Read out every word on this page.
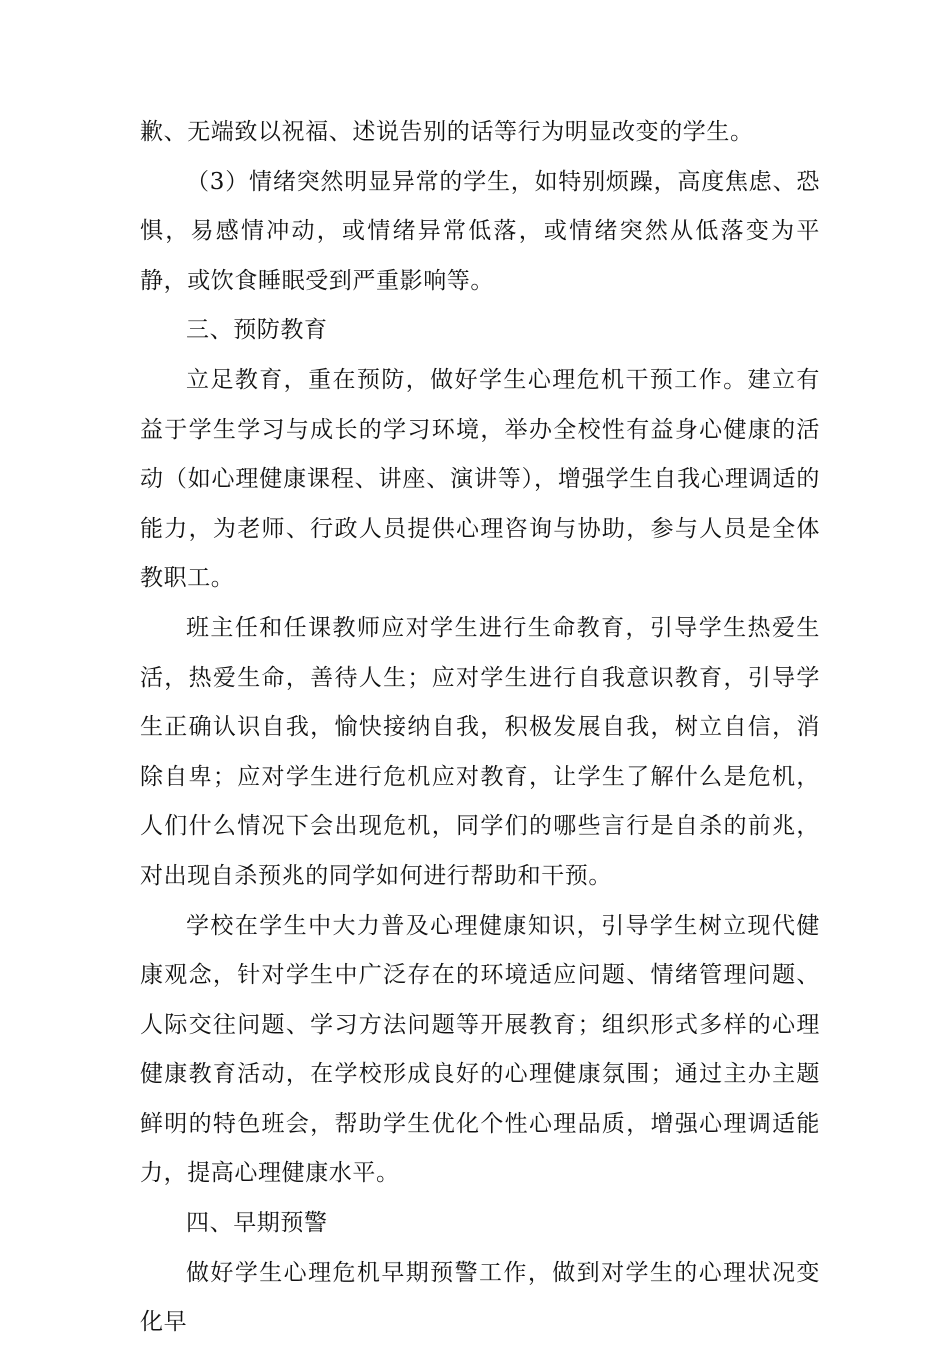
歉、无端致以祝福、述说告别的话等行为明显改变的学生。

（3）情绪突然明显异常的学生，如特别烦躁，高度焦虑、恐惧，易感情冲动，或情绪异常低落，或情绪突然从低落变为平静，或饮食睡眠受到严重影响等。

三、预防教育

立足教育，重在预防，做好学生心理危机干预工作。建立有益于学生学习与成长的学习环境，举办全校性有益身心健康的活动（如心理健康课程、讲座、演讲等），增强学生自我心理调适的能力，为老师、行政人员提供心理咨询与协助，参与人员是全体教职工。

班主任和任课教师应对学生进行生命教育，引导学生热爱生活，热爱生命，善待人生；应对学生进行自我意识教育，引导学生正确认识自我，愉快接纳自我，积极发展自我，树立自信，消除自卑；应对学生进行危机应对教育，让学生了解什么是危机，人们什么情况下会出现危机，同学们的哪些言行是自杀的前兆，对出现自杀预兆的同学如何进行帮助和干预。

学校在学生中大力普及心理健康知识，引导学生树立现代健康观念，针对学生中广泛存在的环境适应问题、情绪管理问题、人际交往问题、学习方法问题等开展教育；组织形式多样的心理健康教育活动，在学校形成良好的心理健康氛围；通过主办主题鲜明的特色班会，帮助学生优化个性心理品质，增强心理调适能力，提高心理健康水平。

四、早期预警

做好学生心理危机早期预警工作，做到对学生的心理状况变化早
